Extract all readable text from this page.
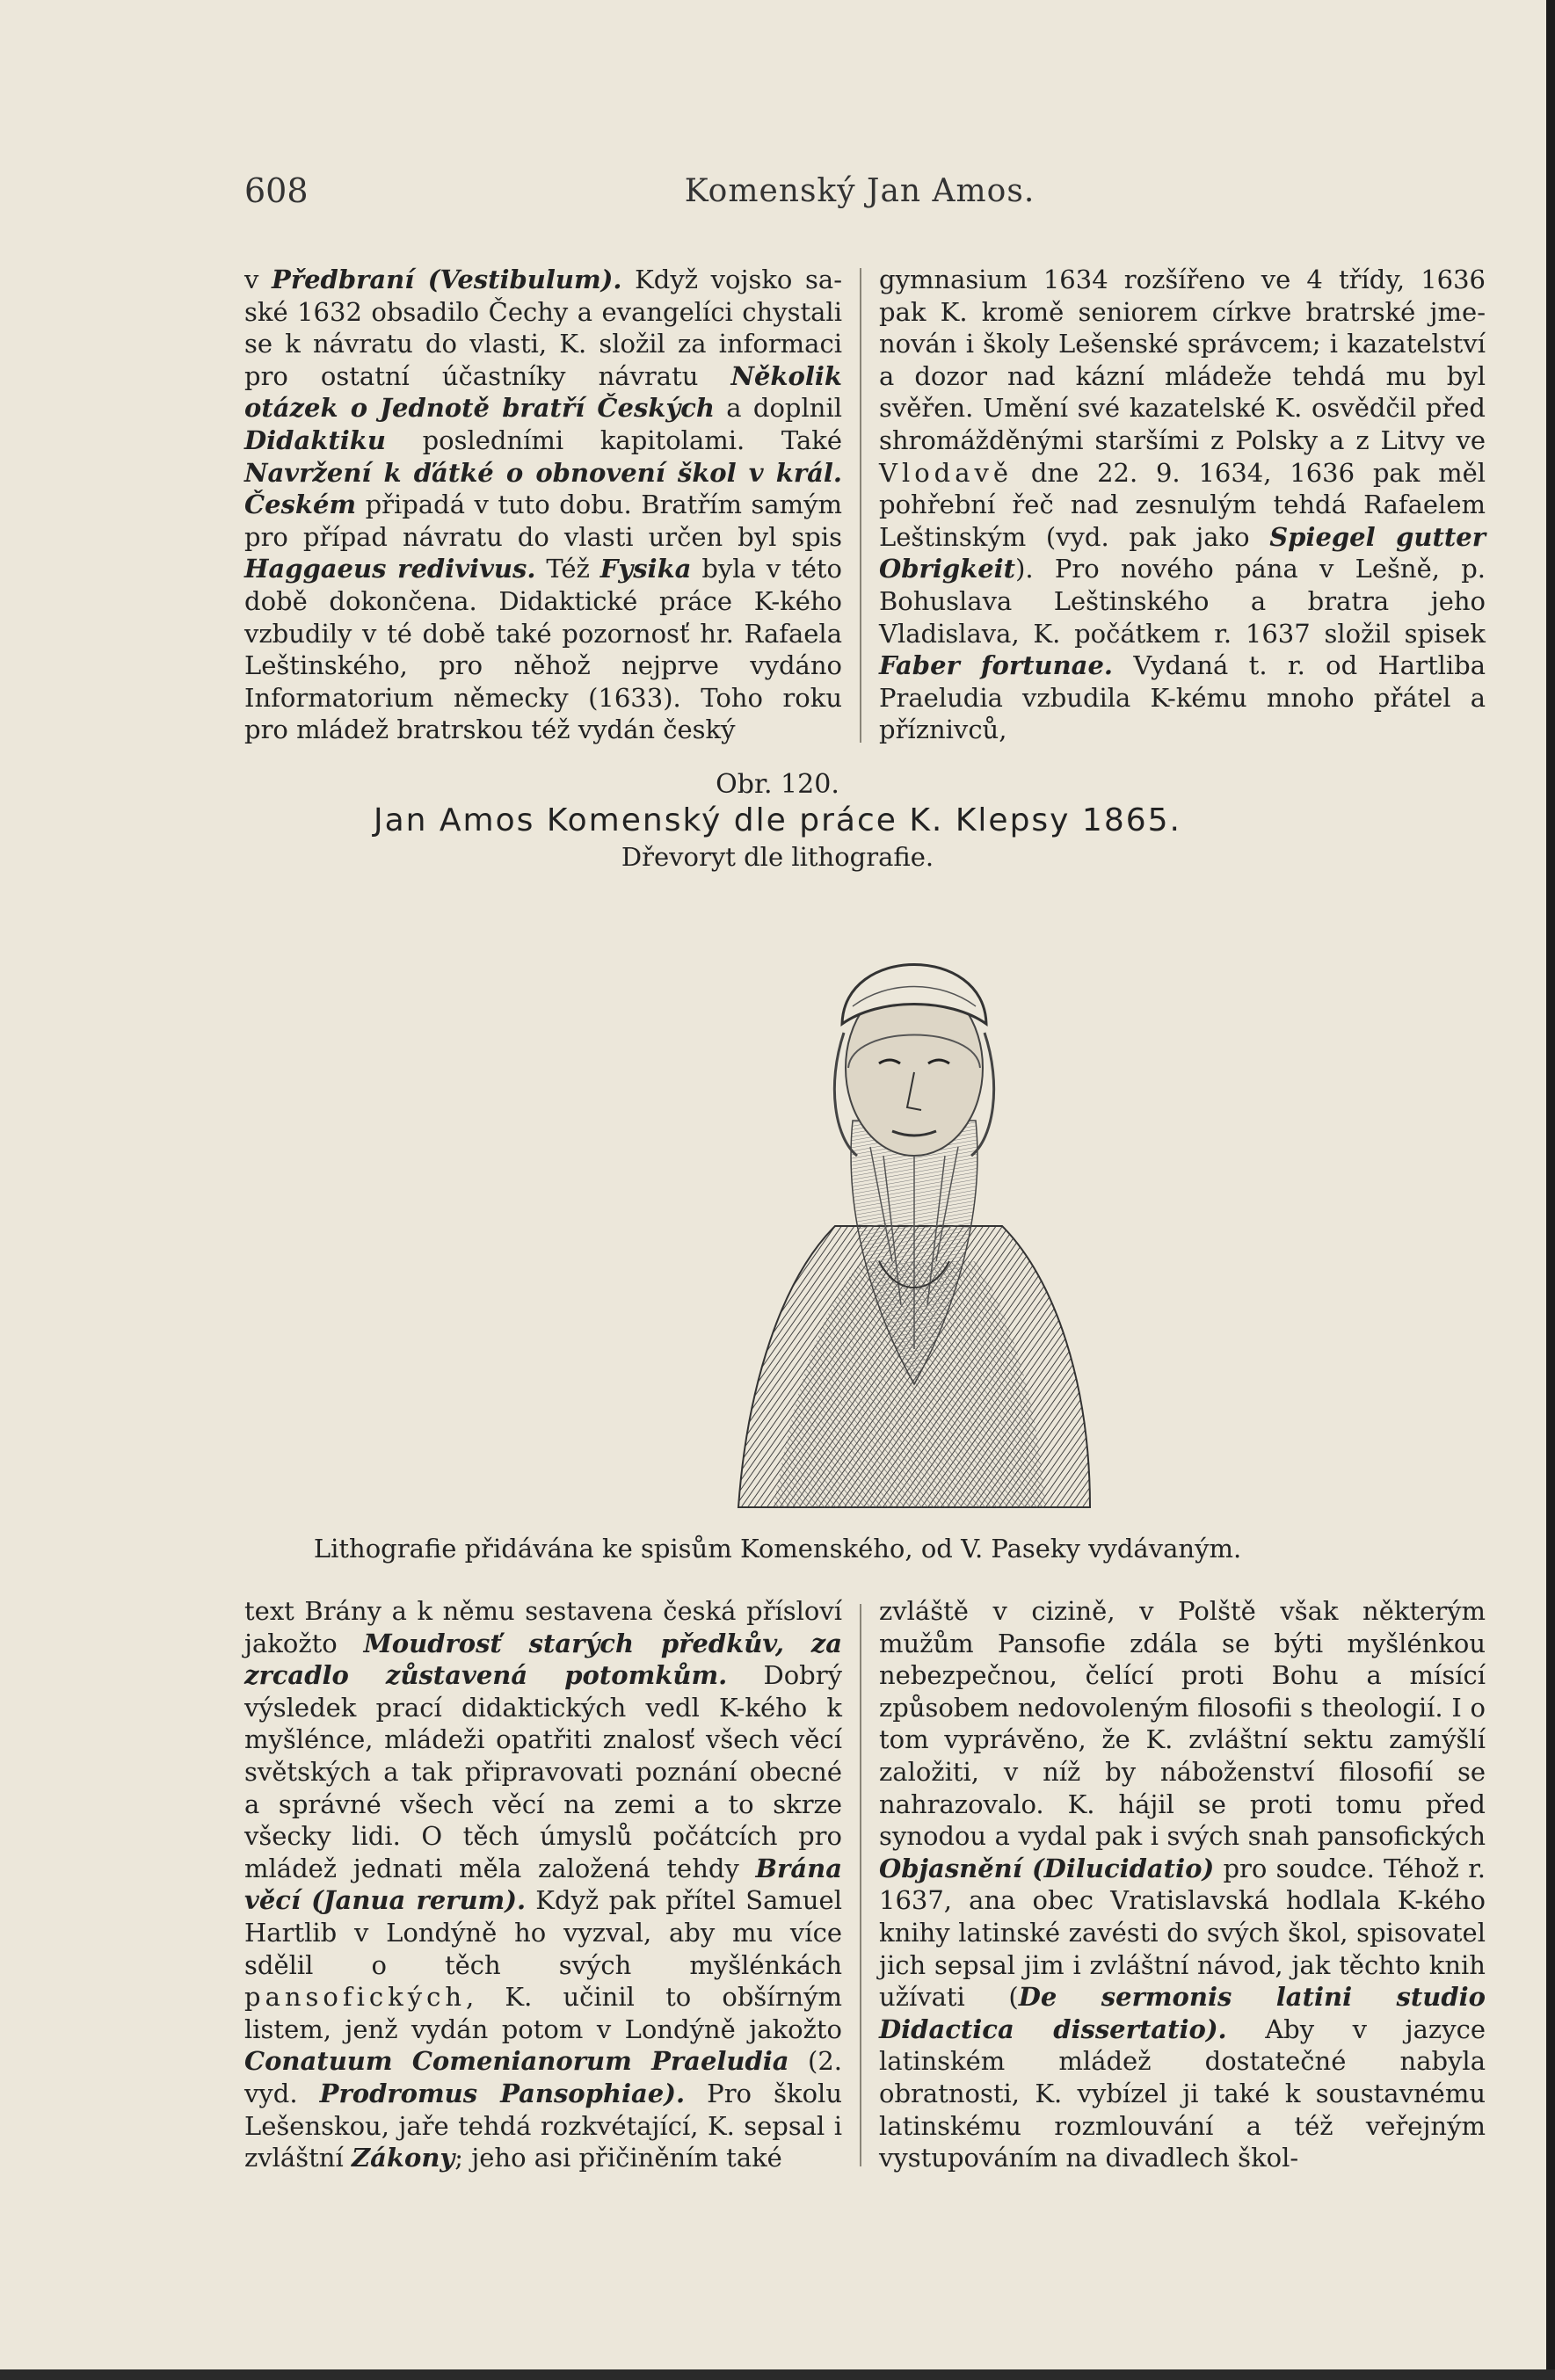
608	Komenský Jan Amos.

v Předbraní (Vestibulum). Když vojsko saské 1632 obsadilo Čechy a evangelíci chystali se k návratu do vlasti, K. složil za informaci pro ostatní účastníky návratu Několik otázek o Jednotě bratří Českých a doplnil Didaktiku posledními kapitolami. Také Navržení k ďátké o obnovení škol v král. Českém připadá v tuto dobu. Bratřím samým pro případ návratu do vlasti určen byl spis Haggaeus redivivus. Též Fysika byla v této době dokončena. Didaktické práce K-kého vzbudily v té době také pozornosť hr. Rafaela Leštinského, pro něhož nejprve vydáno Informatorium německy (1633). Toho roku pro mládež bratrskou též vydán český

gymnasium 1634 rozšířeno ve 4 třídy, 1636 pak K. kromě seniorem církve bratrské jmenován i školy Lešenské správcem; i kazatelství a dozor nad kázní mládeže tehdá mu byl svěřen. Umění své kazatelské K. osvědčil před shromážděnými staršími z Polsky a z Litvy ve Vlodavě dne 22. 9. 1634, 1636 pak měl pohřební řeč nad zesnulým tehdá Rafaelem Leštinským (vyd. pak jako Spiegel gutter Obrigkeit). Pro nového pána v Lešně, p. Bohuslava Leštinského a bratra jeho Vladislava, K. počátkem r. 1637 složil spisek Faber fortunae. Vydaná t. r. od Hartliba Praeludia vzbudila K-kému mnoho přátel a příznivců,

Obr. 120.
Jan Amos Komenský dle práce K. Klepsy 1865.
Dřevoryt dle lithografie.
Lithografie přidávána ke spisům Komenského, od V. Paseky vydávaným.

text Brány a k němu sestavena česká přísloví jakožto Moudrosť starých předkův, za zrcadlo zůstavená potomkům. Dobrý výsledek prací didaktických vedl K-kého k myšlénce, mládeži opatřiti znalosť všech věcí světských a tak připravovati poznání obecné a správné všech věcí na zemi a to skrze všecky lidi. O těch úmyslů počátcích pro mládež jednati měla založená tehdy Brána věcí (Janua rerum). Když pak přítel Samuel Hartlib v Londýně ho vyzval, aby mu více sdělil o těch svých myšlénkách pansofických, K. učinil to obšírným listem, jenž vydán potom v Londýně jakožto Conatuum Comenianorum Praeludia (2. vyd. Prodromus Pansophiae). Pro školu Lešenskou, jaře tehdá rozkvétající, K. sepsal i zvláštní Zákony; jeho asi přičiněním také

zvláště v cizině, v Polště však některým mužům Pansofie zdála se býti myšlénkou nebezpečnou, čelící proti Bohu a mísící způsobem nedovoleným filosofii s theologií. I o tom vyprávěno, že K. zvláštní sektu zamýšlí založiti, v níž by náboženství filosofií se nahrazovalo. K. hájil se proti tomu před synodou a vydal pak i svých snah pansofických Objasnění (Dilucidatio) pro soudce. Téhož r. 1637, ana obec Vratislavská hodlala K-kého knihy latinské zavésti do svých škol, spisovatel jich sepsal jim i zvláštní návod, jak těchto knih užívati (De sermonis latini studio Didactica dissertatio). Aby v jazyce latinském mládež dostatečné nabyla obratnosti, K. vybízel ji také k soustavnému latinskému rozmlouvání a též veřejným vystupováním na divadlech škol-
